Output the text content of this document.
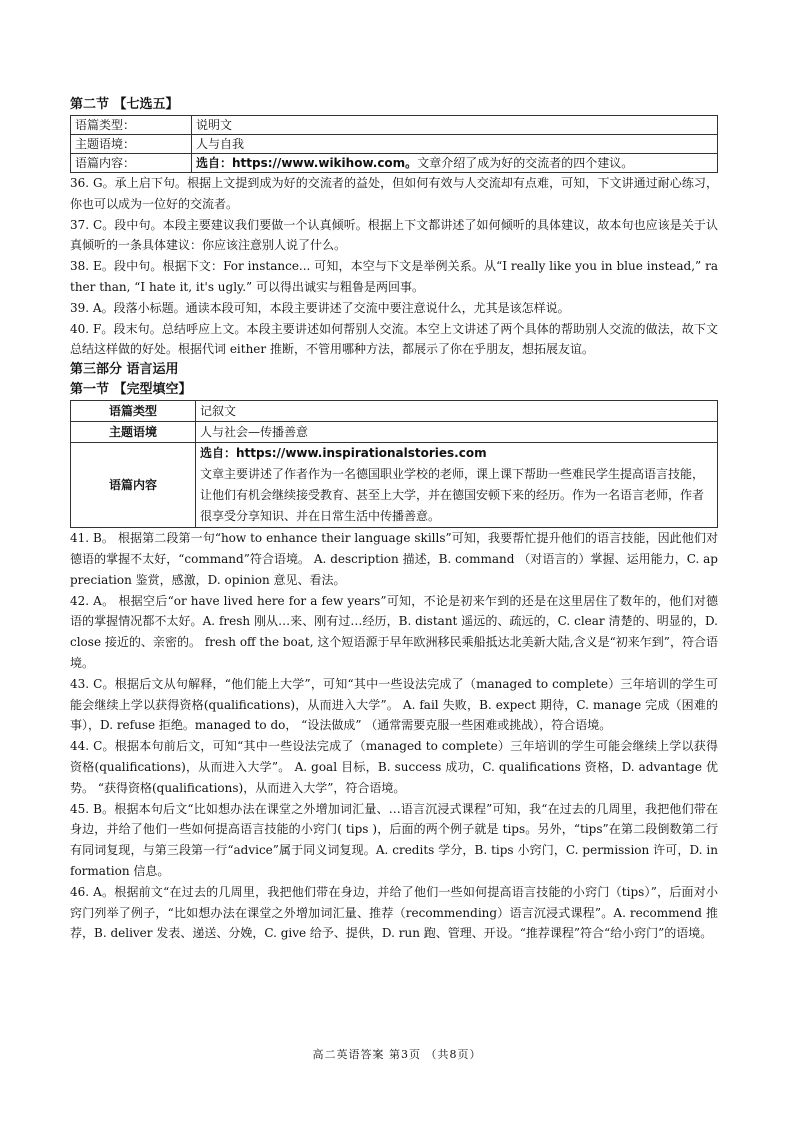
第二节 【七选五】
语篇类型：	说明文
主题语境：	人与自我
语篇内容：	选自：https://www.wikihow.com。文章介绍了成为好的交流者的四个建议。

36. G。承上启下句。根据上文提到成为好的交流者的益处，但如何有效与人交流却有点难，可知，下文讲通过耐心练习，你也可以成为一位好的交流者。

37. C。段中句。本段主要建议我们要做一个认真倾听。根据上下文都讲述了如何倾听的具体建议，故本句也应该是关于认真倾听的一条具体建议：你应该注意别人说了什么。

38. E。段中句。根据下文：For instance... 可知，本空与下文是举例关系。从“I really like you in blue instead,” rather than, “I hate it, it's ugly.” 可以得出诚实与粗鲁是两回事。

39. A。段落小标题。通读本段可知，本段主要讲述了交流中要注意说什么，尤其是该怎样说。

40. F。段末句。总结呼应上文。本段主要讲述如何帮别人交流。本空上文讲述了两个具体的帮助别人交流的做法，故下文总结这样做的好处。根据代词 either 推断，不管用哪种方法，都展示了你在乎朋友，想拓展友谊。

第三部分 语言运用
第一节 【完型填空】
语篇类型	记叙文
主题语境	人与社会—传播善意
语篇内容	选自：https://www.inspirationalstories.com
文章主要讲述了作者作为一名德国职业学校的老师，课上课下帮助一些难民学生提高语言技能，让他们有机会继续接受教育、甚至上大学，并在德国安顿下来的经历。作为一名语言老师，作者很享受分享知识、并在日常生活中传播善意。

41. B。 根据第二段第一句“how to enhance their language skills”可知，我要帮忙提升他们的语言技能，因此他们对德语的掌握不太好，“command”符合语境。 A. description 描述，B. command （对语言的）掌握、运用能力，C. appreciation 鉴赏，感激，D. opinion 意见、看法。

42. A。 根据空后“or have lived here for a few years”可知，不论是初来乍到的还是在这里居住了数年的，他们对德语的掌握情况都不太好。A. fresh 刚从…来、刚有过…经历，B. distant 遥远的、疏远的，C. clear 清楚的、明显的，D. close 接近的、亲密的。 fresh off the boat, 这个短语源于早年欧洲移民乘船抵达北美新大陆,含义是“初来乍到”，符合语境。

43. C。根据后文从句解释，“他们能上大学”，可知“其中一些设法完成了（managed to complete）三年培训的学生可能会继续上学以获得资格(qualifications)，从而进入大学”。 A. fail 失败，B. expect 期待，C. manage 完成（困难的事），D. refuse 拒绝。managed to do， “设法做成” （通常需要克服一些困难或挑战），符合语境。

44. C。根据本句前后文，可知“其中一些设法完成了（managed to complete）三年培训的学生可能会继续上学以获得资格(qualifications)，从而进入大学”。 A. goal 目标，B. success 成功，C. qualifications 资格，D. advantage 优势。 “获得资格(qualifications)，从而进入大学”，符合语境。

45. B。根据本句后文“比如想办法在课堂之外增加词汇量、…语言沉浸式课程”可知，我“在过去的几周里，我把他们带在身边，并给了他们一些如何提高语言技能的小窍门( tips )，后面的两个例子就是 tips。另外，“tips”在第二段倒数第二行有同词复现，与第三段第一行“advice”属于同义词复现。A. credits 学分，B. tips 小窍门，C. permission 许可，D. information 信息。

46. A。根据前文“在过去的几周里，我把他们带在身边，并给了他们一些如何提高语言技能的小窍门（tips）”，后面对小窍门列举了例子，“比如想办法在课堂之外增加词汇量、推荐（recommending）语言沉浸式课程”。A. recommend 推荐，B. deliver 发表、递送、分娩，C. give 给予、提供，D. run 跑、管理、开设。“推荐课程”符合“给小窍门”的语境。

高二英语答案 第3页 （共8页）
